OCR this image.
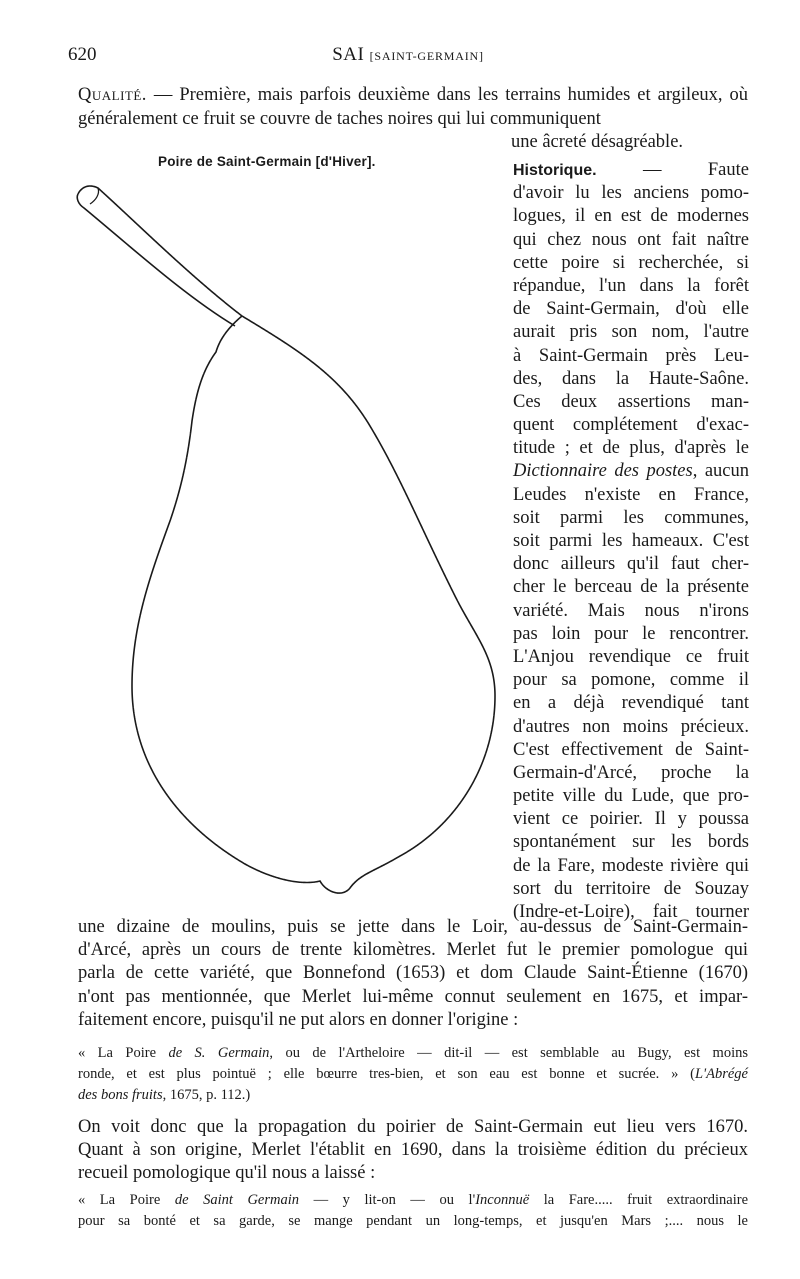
620	SAI [SAINT-GERMAIN]
Qualité. — Première, mais parfois deuxième dans les terrains humides et argileux, où généralement ce fruit se couvre de taches noires qui lui communiquent
une âcreté désagréable.
Poire de Saint-Germain [d'Hiver].
Historique. — Faute
d'avoir lu les anciens pomo-
logues, il en est de modernes
qui chez nous ont fait naître
cette poire si recherchée, si
répandue, l'un dans la forêt
de Saint-Germain, d'où elle
aurait pris son nom, l'autre
à Saint-Germain près Leu-
des, dans la Haute-Saône.
Ces deux assertions man-
quent complétement d'exac-
titude ; et de plus, d'après le
Dictionnaire des postes, aucun
Leudes n'existe en France,
soit parmi les communes,
soit parmi les hameaux. C'est
donc ailleurs qu'il faut cher-
cher le berceau de la présente
variété. Mais nous n'irons
pas loin pour le rencontrer.
L'Anjou revendique ce fruit
pour sa pomone, comme il
en a déjà revendiqué tant
d'autres non moins précieux.
C'est effectivement de Saint-
Germain-d'Arcé, proche la
petite ville du Lude, que pro-
vient ce poirier. Il y poussa
spontanément sur les bords
de la Fare, modeste rivière qui
sort du territoire de Souzay
(Indre-et-Loire), fait tourner
une dizaine de moulins, puis se jette dans le Loir, au-dessus de Saint-Germain-
d'Arcé, après un cours de trente kilomètres. Merlet fut le premier pomologue qui
parla de cette variété, que Bonnefond (1653) et dom Claude Saint-Étienne (1670)
n'ont pas mentionnée, que Merlet lui-même connut seulement en 1675, et impar-
faitement encore, puisqu'il ne put alors en donner l'origine :
« La Poire de S. Germain, ou de l'Artheloire — dit-il — est semblable au Bugy, est moins
ronde, et est plus pointuë ; elle bœurre tres-bien, et son eau est bonne et sucrée. » (L'Abrégé
des bons fruits, 1675, p. 112.)
On voit donc que la propagation du poirier de Saint-Germain eut lieu vers 1670.
Quant à son origine, Merlet l'établit en 1690, dans la troisième édition du précieux
recueil pomologique qu'il nous a laissé :
« La Poire de Saint Germain — y lit-on — ou l'Inconnuë la Fare..... fruit extraordinaire
pour sa bonté et sa garde, se mange pendant un long-temps, et jusqu'en Mars ;.... nous le
